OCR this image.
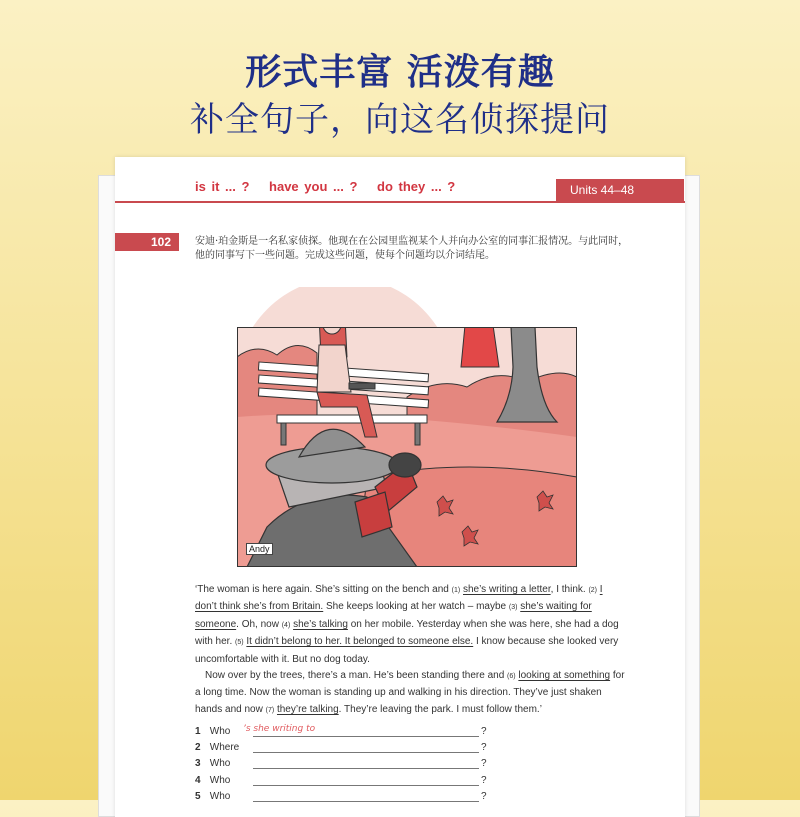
形式丰富 活泼有趣
补全句子，向这名侦探提问
is it ... ? have you ... ? do they ... ?	Units 44–48
102	安迪·珀金斯是一名私家侦探。他现在在公园里监视某个人并向办公室的同事汇报情况。与此同时，他的同事写下一些问题。完成这些问题，使每个问题均以介词结尾。
Andy

‘The woman is here again. She’s sitting on the bench and (1) she’s writing a letter, I think. (2) I don’t think she’s from Britain. She keeps looking at her watch – maybe (3) she’s waiting for someone. Oh, now (4) she’s talking on her mobile. Yesterday when she was here, she had a dog with her. (5) It didn’t belong to her. It belonged to someone else. I know because she looked very uncomfortable with it. But no dog today.

Now over by the trees, there’s a man. He’s been standing there and (6) looking at something for a long time. Now the woman is standing up and walking in his direction. They’ve just shaken hands and now (7) they’re talking. They’re leaving the park. I must follow them.’

1 Who ’s she writing to	?
2 Where	?
3 Who	?
4 Who	?
5 Who	?
